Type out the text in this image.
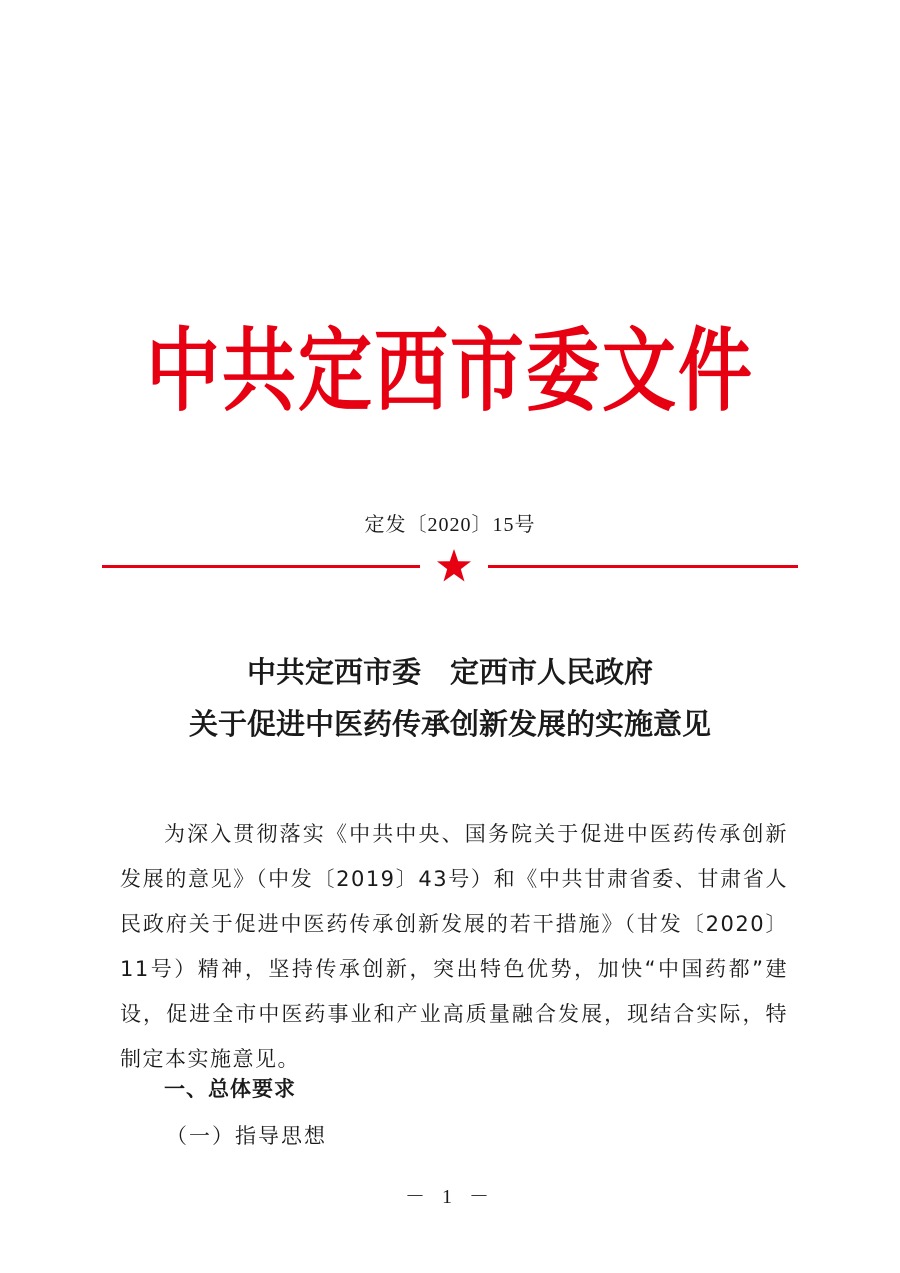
中共定西市委文件
定发〔2020〕15号
中共定西市委　定西市人民政府
关于促进中医药传承创新发展的实施意见

为深入贯彻落实《中共中央、国务院关于促进中医药传承创新发展的意见》（中发〔2019〕43号）和《中共甘肃省委、甘肃省人民政府关于促进中医药传承创新发展的若干措施》（甘发〔2020〕11号）精神，坚持传承创新，突出特色优势，加快“中国药都”建设，促进全市中医药事业和产业高质量融合发展，现结合实际，特制定本实施意见。

一、总体要求
（一）指导思想
－ 1 －
